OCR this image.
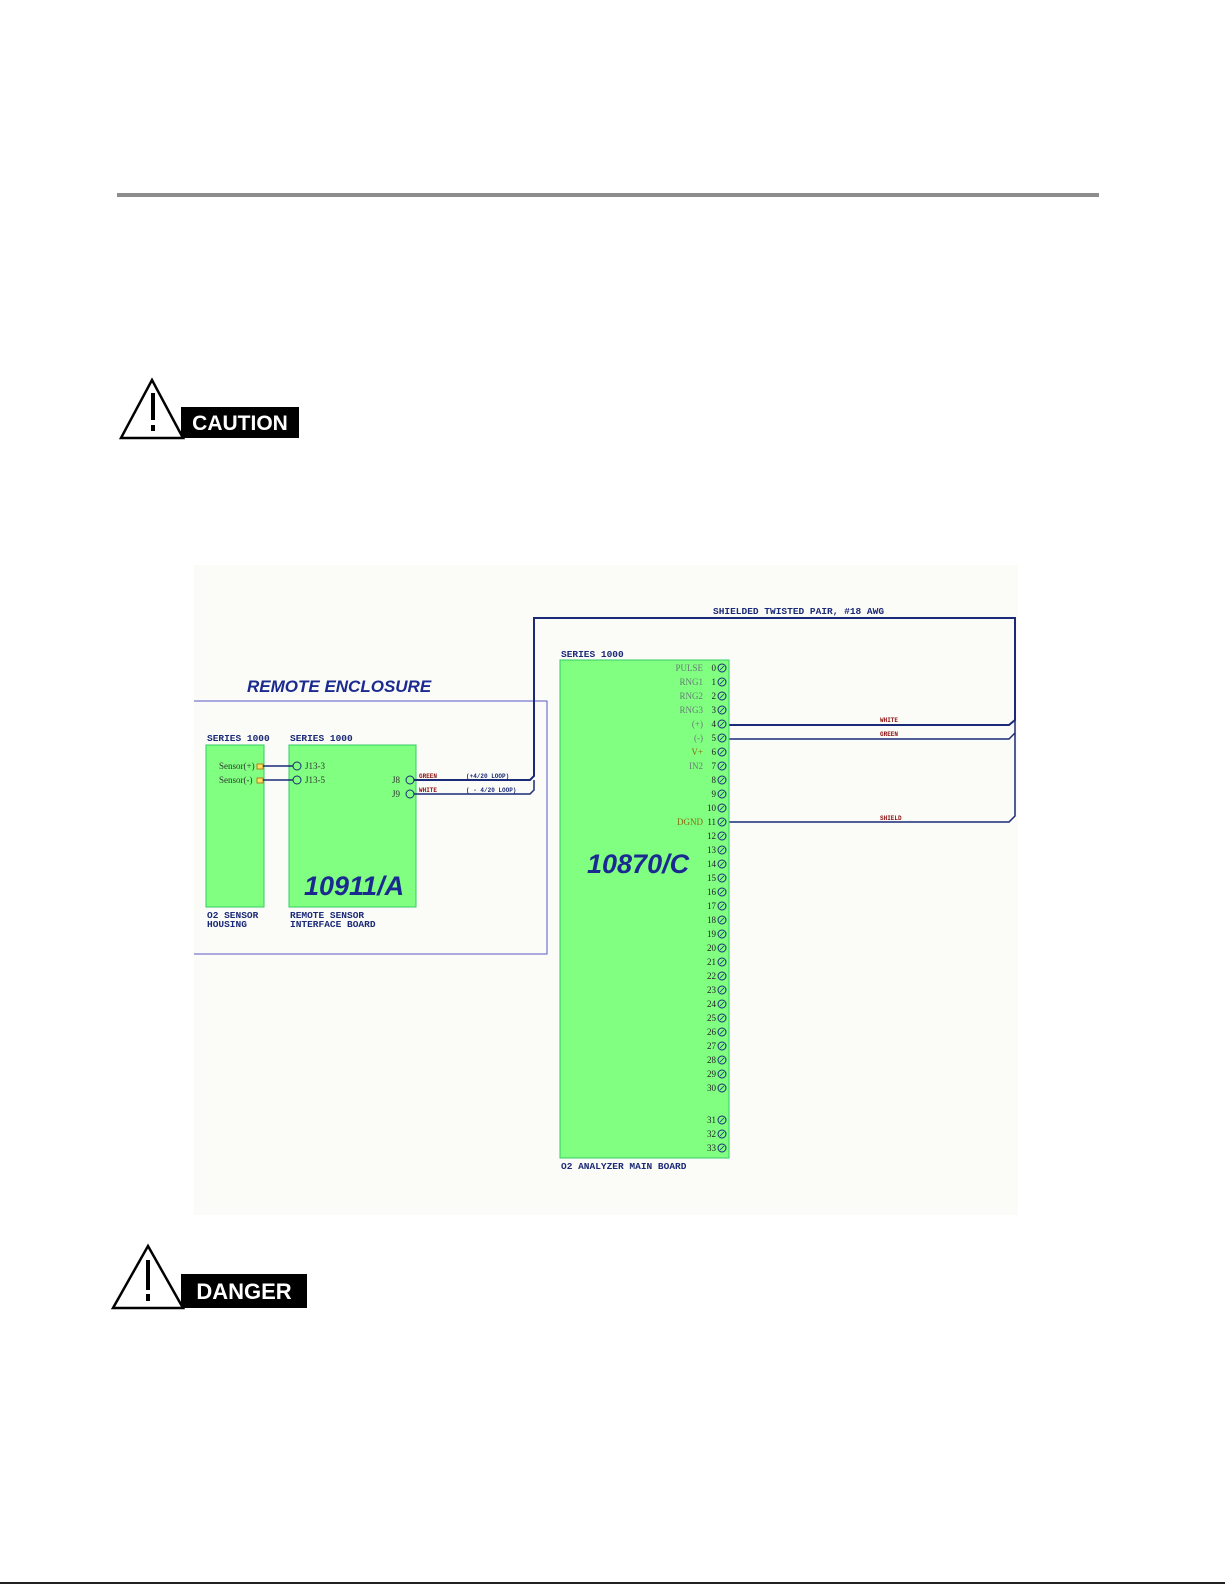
CAUTION
REMOTE ENCLOSURE
SERIES 1000
Sensor(+)
Sensor(-)
O2 SENSOR
HOUSING
SERIES 1000
J13-3
J13-5	J8
J9
10911/A
REMOTE SENSOR
INTERFACE BOARD
GREEN
WHITE
(+4/20 LOOP)
( - 4/20 LOOP)
SHIELDED TWISTED PAIR, #18 AWG
SERIES 1000
10870/C
O2 ANALYZER MAIN BOARD
PULSE 0
RNG1 1
RNG2 2
RNG3 3
(+) 4
(-) 5
V+ 6
IN2 7
8
9
10
DGND 11
12
13
14
15
16
17
18
19
20
21
22
23
24
25
26
27
28
29
30
31
32
33
WHITE
GREEN
SHIELD
DANGER
